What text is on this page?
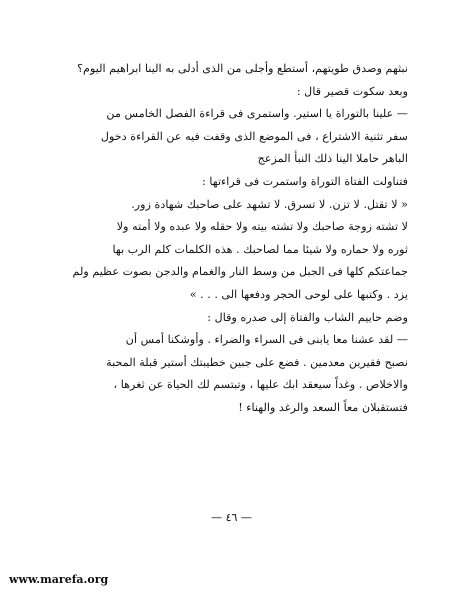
نبثهم وصدق طويتهم، أستطع وأجلى من الذى أدلى به الينا ابراهيم اليوم؟
وبعد سكوت قصير قال :
— علينا بالتوراة يا استير. واستمرى فى قراءة الفصل الخامس من
سفر تثنية الاشتراع ، فى الموضع الذى وقفت فيه عن القراءة دخول
الباهر حاملا الينا ذلك النبأ المزعج
فتناولت الفتاة التوراة واستمرت فى قراءتها :
« لا تقتل. لا تزن. لا تسرق. لا تشهد على صاحبك شهادة زور.
لا تشته زوجة صاحبك ولا تشته بيته ولا حقله ولا عبده ولا أمته ولا
ثوره ولا حماره ولا شيئا مما لصاحبك . هذه الكلمات كلم الرب بها
جماعتكم كلها فى الجبل من وسط النار والغمام والدجن بصوت عظيم ولم
يزد . وكتبها على لوحى الحجر ودفعها الى . . . »
وضم حاييم الشاب والفتاة إلى صدره وقال :
— لقد عشنا معا يابنى فى السراء والضراء . وأوشكنا أمس أن
نصبح فقيرين معدمين . فضع على جبين خطيبتك أستير قبلة المحبة
والاخلاص . وغداً سيعقد ابك عليها ، وتبتسم لك الحياة عن ثغرها ،
فتستقبلان معاً السعد والرغد والهناء !
— ٤٦ —
www.marefa.org
